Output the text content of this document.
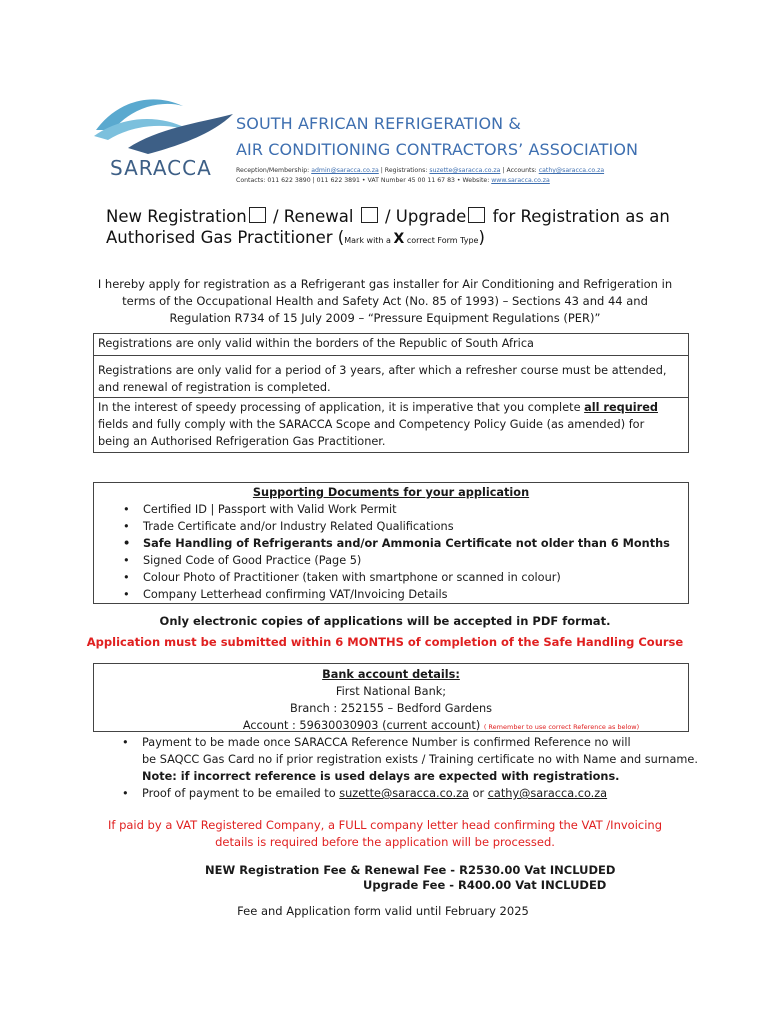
SARACCA
SOUTH AFRICAN REFRIGERATION &
AIR CONDITIONING CONTRACTORS’ ASSOCIATION
Reception/Membership: admin@saracca.co.za | Registrations: suzette@saracca.co.za | Accounts: cathy@saracca.co.za
Contacts: 011 622 3890 | 011 622 3891 • VAT Number 45 00 11 67 83 • Website: www.saracca.co.za
New Registration / Renewal / Upgrade for Registration as an
Authorised Gas Practitioner (Mark with a X correct Form Type)
I hereby apply for registration as a Refrigerant gas installer for Air Conditioning and Refrigeration in
terms of the Occupational Health and Safety Act (No. 85 of 1993) – Sections 43 and 44 and
Regulation R734 of 15 July 2009 – “Pressure Equipment Regulations (PER)”
Registrations are only valid within the borders of the Republic of South Africa
Registrations are only valid for a period of 3 years, after which a refresher course must be attended,
and renewal of registration is completed.
In the interest of speedy processing of application, it is imperative that you complete all required
fields and fully comply with the SARACCA Scope and Competency Policy Guide (as amended) for
being an Authorised Refrigeration Gas Practitioner.
Supporting Documents for your application
• Certified ID | Passport with Valid Work Permit
• Trade Certificate and/or Industry Related Qualifications
• Safe Handling of Refrigerants and/or Ammonia Certificate not older than 6 Months
• Signed Code of Good Practice (Page 5)
• Colour Photo of Practitioner (taken with smartphone or scanned in colour)
• Company Letterhead confirming VAT/Invoicing Details
Only electronic copies of applications will be accepted in PDF format.
Application must be submitted within 6 MONTHS of completion of the Safe Handling Course
Bank account details:
First National Bank;
Branch : 252155 – Bedford Gardens
Account : 59630030903 (current account) ( Remember to use correct Reference as below)
• Payment to be made once SARACCA Reference Number is confirmed Reference no will
be SAQCC Gas Card no if prior registration exists / Training certificate no with Name and surname.
Note: if incorrect reference is used delays are expected with registrations.
• Proof of payment to be emailed to suzette@saracca.co.za or cathy@saracca.co.za
If paid by a VAT Registered Company, a FULL company letter head confirming the VAT /Invoicing
details is required before the application will be processed.
NEW Registration Fee & Renewal Fee - R2530.00 Vat INCLUDED
Upgrade Fee - R400.00 Vat INCLUDED
Fee and Application form valid until February 2025
